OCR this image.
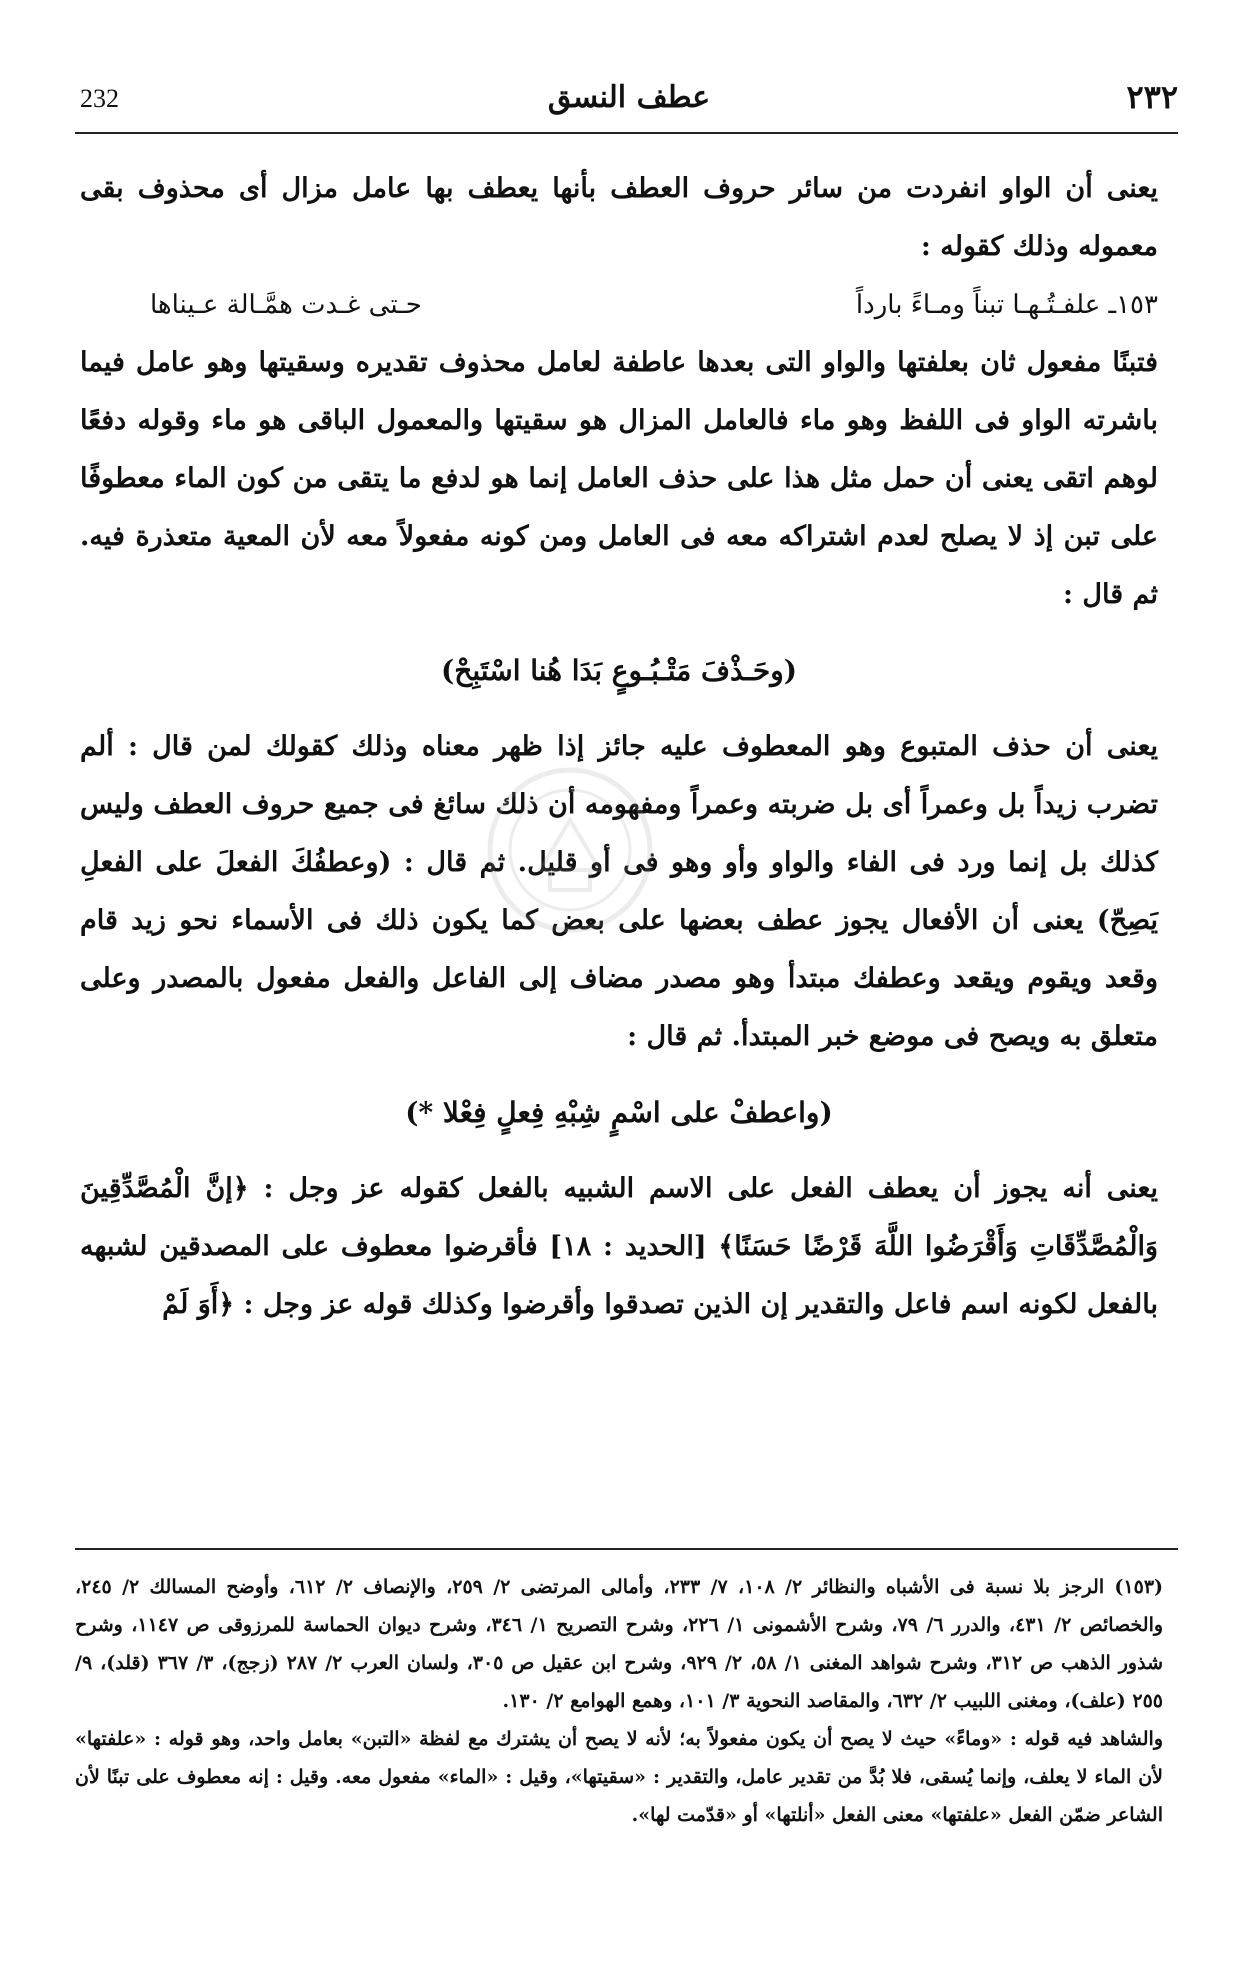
٢٣٢
عطف النسق
232

يعنى أن الواو انفردت من سائر حروف العطف بأنها يعطف بها عامل مزال أى محذوف بقى معموله وذلك كقوله :

١٥٣ـ علفـتُـهـا تبناً ومـاءً بارداً
حـتى غـدت همَّـالة عـيناها

فتبنًا مفعول ثان بعلفتها والواو التى بعدها عاطفة لعامل محذوف تقديره وسقيتها وهو عامل فيما باشرته الواو فى اللفظ وهو ماء فالعامل المزال هو سقيتها والمعمول الباقى هو ماء وقوله دفعًا لوهم اتقى يعنى أن حمل مثل هذا على حذف العامل إنما هو لدفع ما يتقى من كون الماء معطوفًا على تبن إذ لا يصلح لعدم اشتراكه معه فى العامل ومن كونه مفعولاً معه لأن المعية متعذرة فيه. ثم قال :

(وحَـذْفَ مَتْـبُـوعٍ بَدَا هُنا اسْتَبِحْ)

يعنى أن حذف المتبوع وهو المعطوف عليه جائز إذا ظهر معناه وذلك كقولك لمن قال : ألم تضرب زيداً بل وعمراً أى بل ضربته وعمراً ومفهومه أن ذلك سائغ فى جميع حروف العطف وليس كذلك بل إنما ورد فى الفاء والواو وأو وهو فى أو قليل. ثم قال : (وعطفُكَ الفعلَ على الفعلِ يَصِحّ) يعنى أن الأفعال يجوز عطف بعضها على بعض كما يكون ذلك فى الأسماء نحو زيد قام وقعد ويقوم ويقعد وعطفك مبتدأ وهو مصدر مضاف إلى الفاعل والفعل مفعول بالمصدر وعلى متعلق به ويصح فى موضع خبر المبتدأ. ثم قال :

(واعطفْ على اسْمٍ شِبْهِ فِعلٍ فِعْلا *)

يعنى أنه يجوز أن يعطف الفعل على الاسم الشبيه بالفعل كقوله عز وجل : ﴿إنَّ الْمُصَّدِّقِينَ وَالْمُصَّدِّقَاتِ وَأَقْرَضُوا اللَّهَ قَرْضًا حَسَنًا﴾ [الحديد : ١٨] فأقرضوا معطوف على المصدقين لشبهه بالفعل لكونه اسم فاعل والتقدير إن الذين تصدقوا وأقرضوا وكذلك قوله عز وجل : ﴿أَوَ لَمْ

(١٥٣) الرجز بلا نسبة فى الأشباه والنظائر ٢/ ١٠٨، ٧/ ٢٣٣، وأمالى المرتضى ٢/ ٢٥٩، والإنصاف ٢/ ٦١٢، وأوضح المسالك ٢/ ٢٤٥، والخصائص ٢/ ٤٣١، والدرر ٦/ ٧٩، وشرح الأشمونى ١/ ٢٢٦، وشرح التصريح ١/ ٣٤٦، وشرح ديوان الحماسة للمرزوقى ص ١١٤٧، وشرح شذور الذهب ص ٣١٢، وشرح شواهد المغنى ١/ ٥٨، ٢/ ٩٢٩، وشرح ابن عقيل ص ٣٠٥، ولسان العرب ٢/ ٢٨٧ (زجج)، ٣/ ٣٦٧ (قلد)، ٩/ ٢٥٥ (علف)، ومغنى اللبيب ٢/ ٦٣٢، والمقاصد النحوية ٣/ ١٠١، وهمع الهوامع ٢/ ١٣٠.

والشاهد فيه قوله : «وماءً» حيث لا يصح أن يكون مفعولاً به؛ لأنه لا يصح أن يشترك مع لفظة «التبن» بعامل واحد، وهو قوله : «علفتها» لأن الماء لا يعلف، وإنما يُسقى، فلا بُدَّ من تقدير عامل، والتقدير : «سقيتها»، وقيل : «الماء» مفعول معه. وقيل : إنه معطوف على تبنًا لأن الشاعر ضمّن الفعل «علفتها» معنى الفعل «أنلتها» أو «قدّمت لها».
